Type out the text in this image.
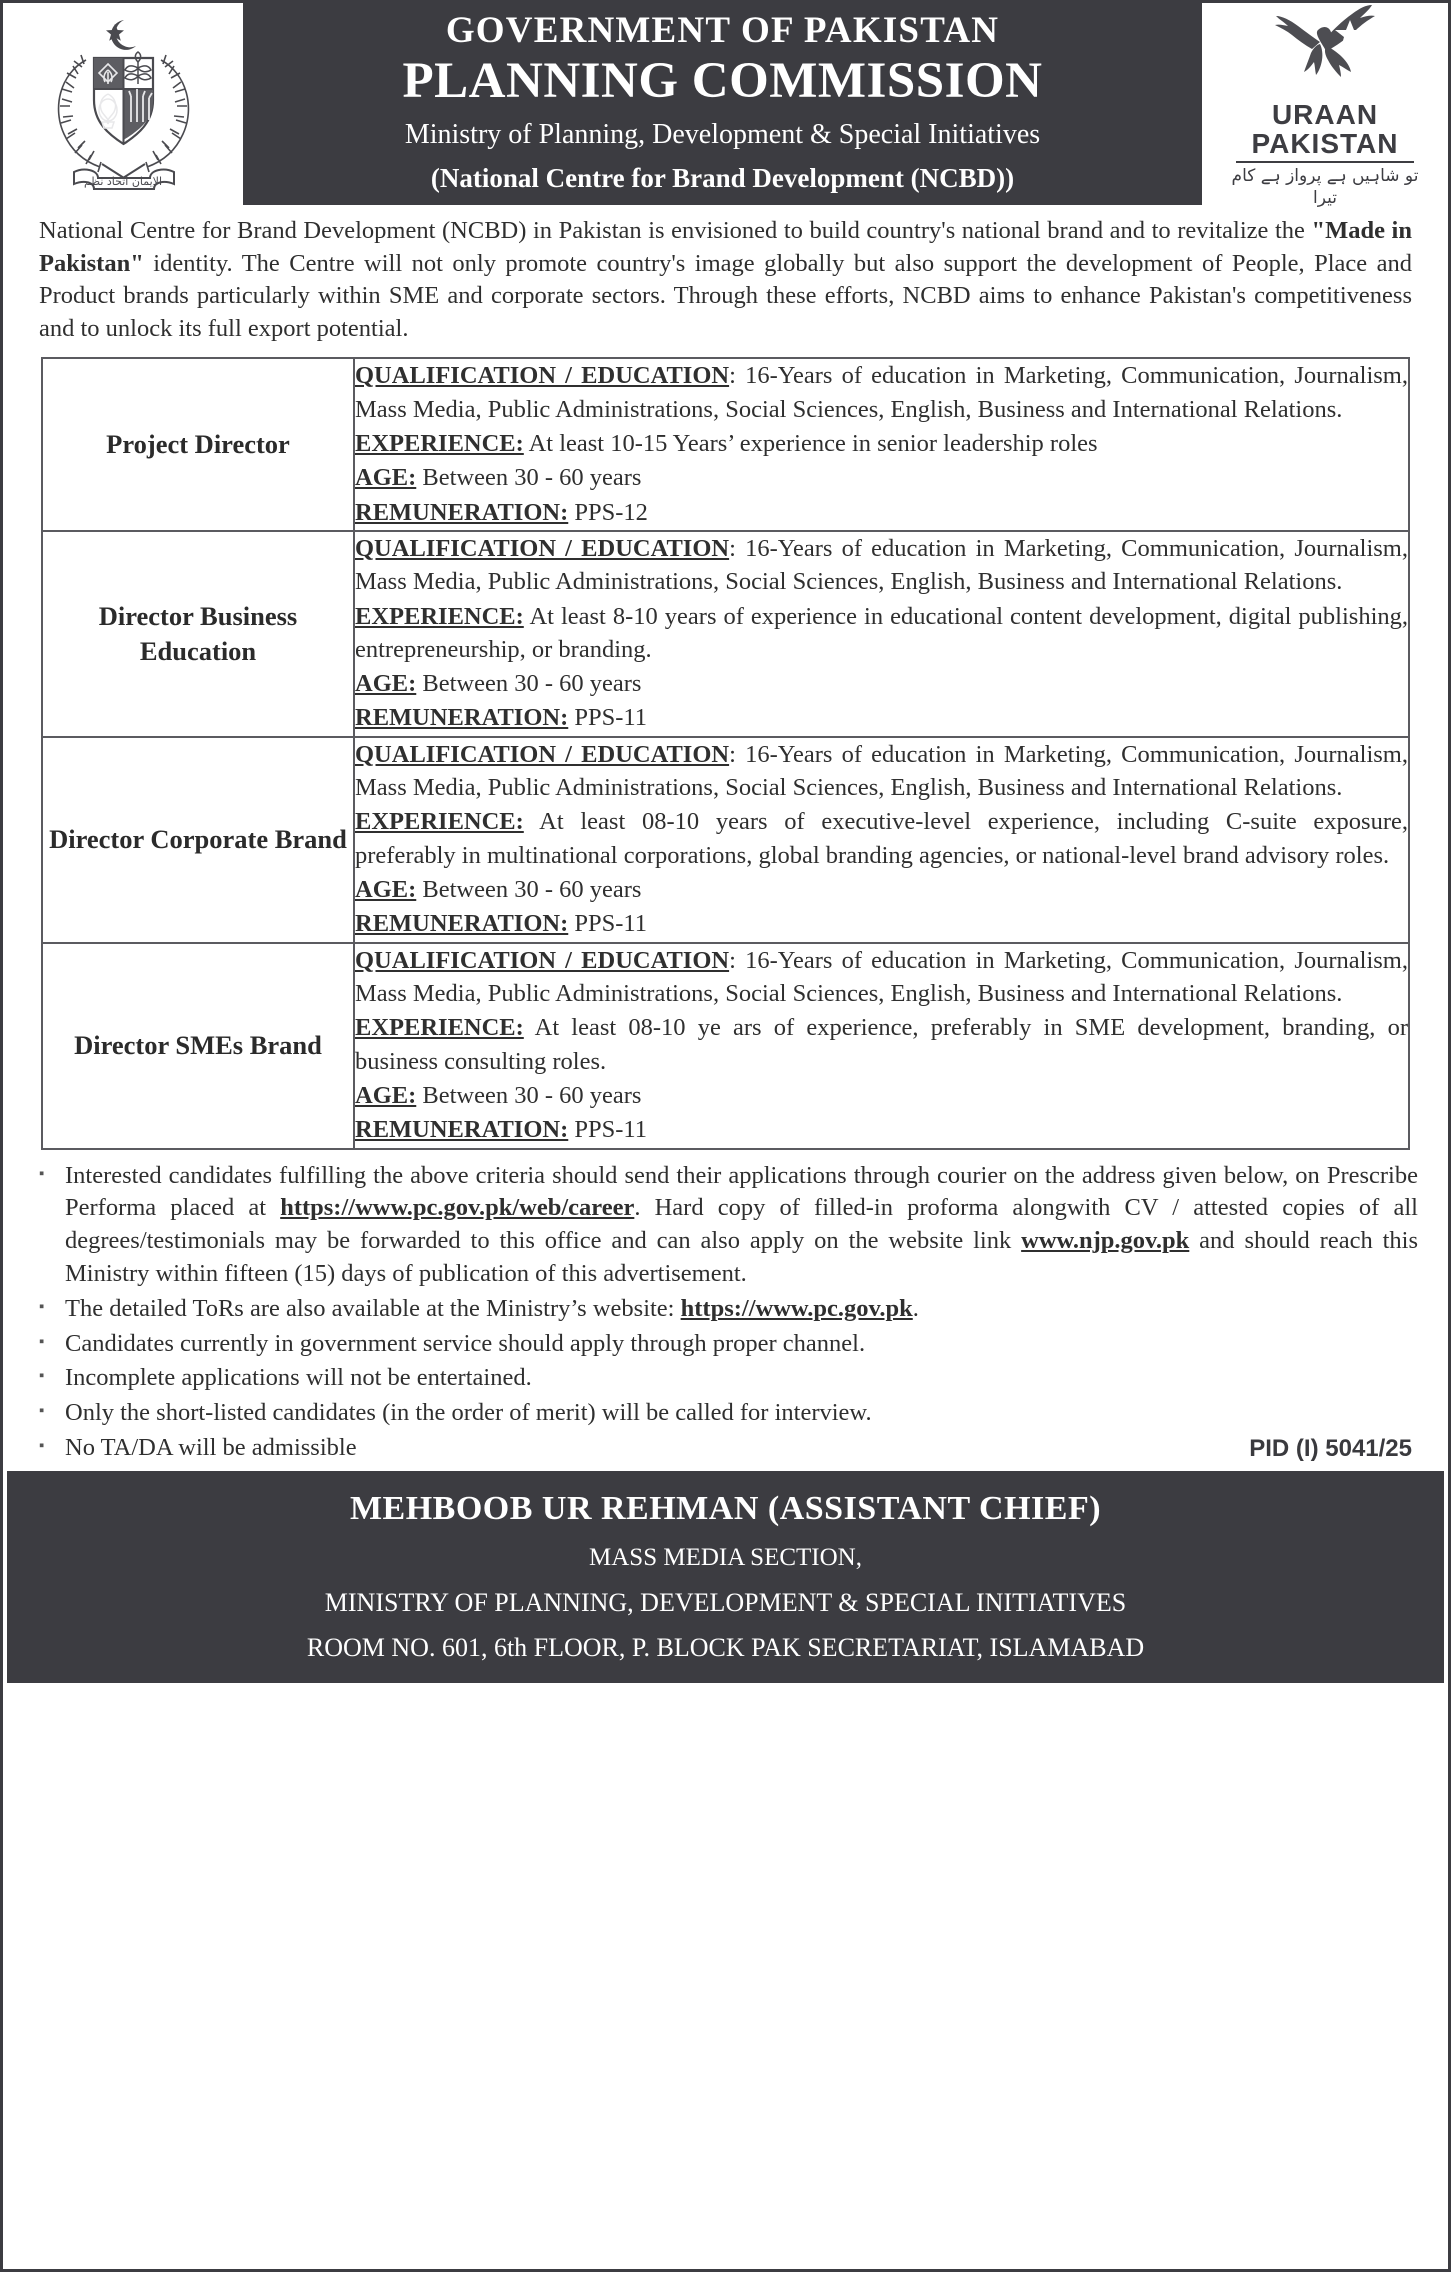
الايمان اتحاد نظم
GOVERNMENT OF PAKISTAN
PLANNING COMMISSION
Ministry of Planning, Development & Special Initiatives
(National Centre for Brand Development (NCBD))
URAAN
PAKISTAN
تو شاہیں ہے پرواز ہے کام تیرا
National Centre for Brand Development (NCBD) in Pakistan is envisioned to build country's national brand and to revitalize the "Made in Pakistan" identity. The Centre will not only promote country's image globally but also support the development of People, Place and Product brands particularly within SME and corporate sectors. Through these efforts, NCBD aims to enhance Pakistan's competitiveness and to unlock its full export potential.
Project Director	QUALIFICATION / EDUCATION: 16-Years of education in Marketing, Communication, Journalism, Mass Media, Public Administrations, Social Sciences, English, Business and International Relations.

EXPERIENCE: At least 10-15 Years’ experience in senior leadership roles

AGE: Between 30 - 60 years

REMUNERATION: PPS-12

Director Business Education	QUALIFICATION / EDUCATION: 16-Years of education in Marketing, Communication, Journalism, Mass Media, Public Administrations, Social Sciences, English, Business and International Relations.

EXPERIENCE: At least 8-10 years of experience in educational content development, digital publishing, entrepreneurship, or branding.

AGE: Between 30 - 60 years

REMUNERATION: PPS-11

Director Corporate Brand	QUALIFICATION / EDUCATION: 16-Years of education in Marketing, Communication, Journalism, Mass Media, Public Administrations, Social Sciences, English, Business and International Relations.

EXPERIENCE: At least 08-10 years of executive-level experience, including C-suite exposure, preferably in multinational corporations, global branding agencies, or national-level brand advisory roles.

AGE: Between 30 - 60 years

REMUNERATION: PPS-11

Director SMEs Brand	QUALIFICATION / EDUCATION: 16-Years of education in Marketing, Communication, Journalism, Mass Media, Public Administrations, Social Sciences, English, Business and International Relations.

EXPERIENCE: At least 08-10 ye ars of experience, preferably in SME development, branding, or business consulting roles.

AGE: Between 30 - 60 years

REMUNERATION: PPS-11

▪ Interested candidates fulfilling the above criteria should send their applications through courier on the address given below, on Prescribe Performa placed at https://www.pc.gov.pk/web/career. Hard copy of filled-in proforma alongwith CV / attested copies of all degrees/testimonials may be forwarded to this office and can also apply on the website link www.njp.gov.pk and should reach this Ministry within fifteen (15) days of publication of this advertisement.
▪ The detailed ToRs are also available at the Ministry’s website: https://www.pc.gov.pk.
▪ Candidates currently in government service should apply through proper channel.
▪ Incomplete applications will not be entertained.
▪ Only the short-listed candidates (in the order of merit) will be called for interview.
▪ No TA/DA will be admissible	PID (I) 5041/25
MEHBOOB UR REHMAN (ASSISTANT CHIEF)
MASS MEDIA SECTION,
MINISTRY OF PLANNING, DEVELOPMENT & SPECIAL INITIATIVES
ROOM NO. 601, 6th FLOOR, P. BLOCK PAK SECRETARIAT, ISLAMABAD
